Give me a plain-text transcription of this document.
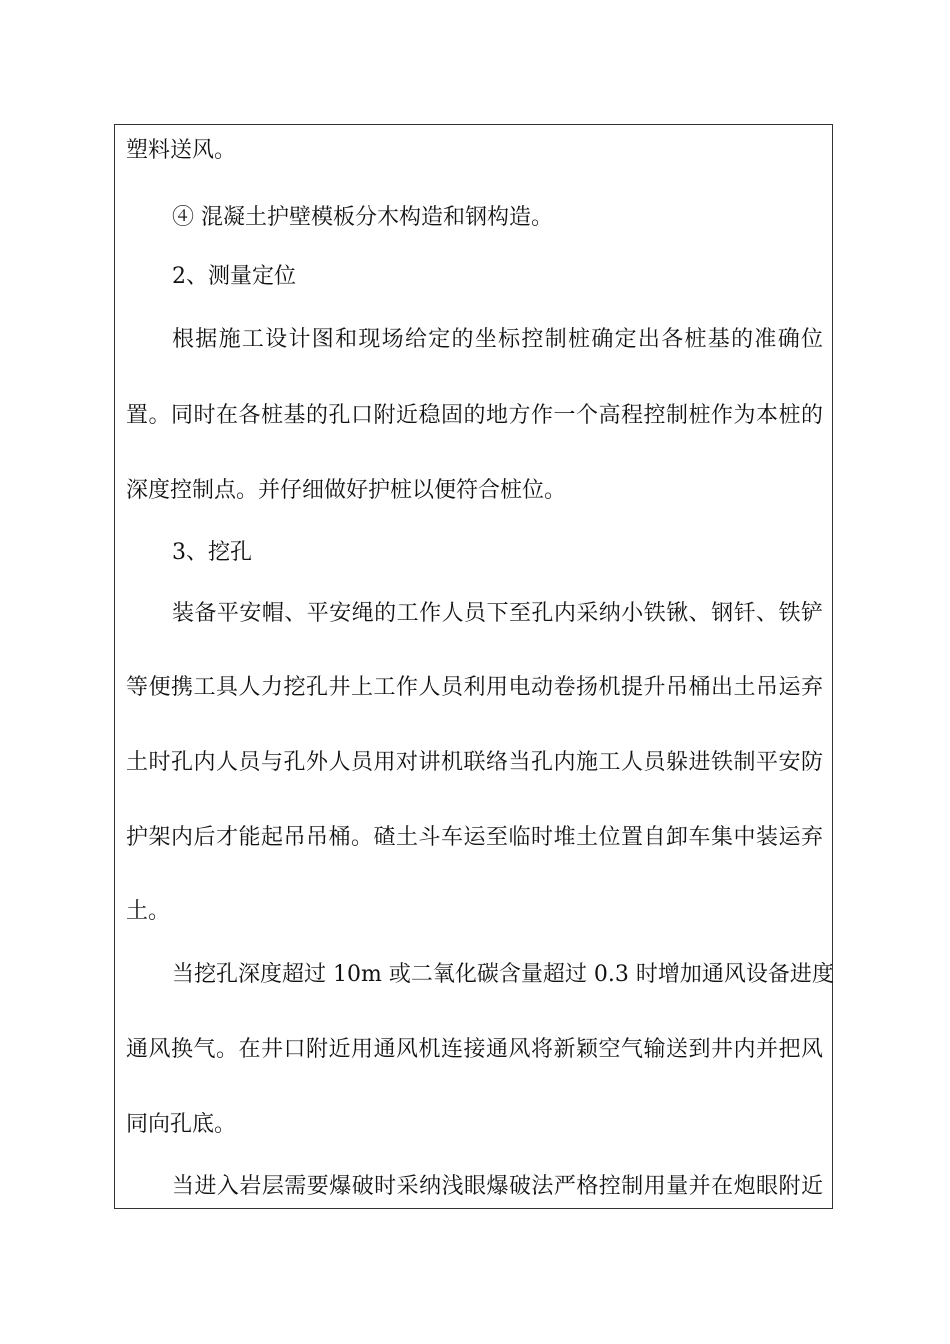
塑料送风。
④ 混凝土护壁模板分木构造和钢构造。
2、测量定位
根据施工设计图和现场给定的坐标控制桩确定出各桩基的准确位
置。同时在各桩基的孔口附近稳固的地方作一个高程控制桩作为本桩的
深度控制点。并仔细做好护桩以便符合桩位。
3、挖孔
装备平安帽、平安绳的工作人员下至孔内采纳小铁锹、钢钎、铁铲
等便携工具人力挖孔井上工作人员利用电动卷扬机提升吊桶出土吊运弃
土时孔内人员与孔外人员用对讲机联络当孔内施工人员躲进铁制平安防
护架内后才能起吊吊桶。碴土斗车运至临时堆土位置自卸车集中装运弃
土。
当挖孔深度超过 10m 或二氧化碳含量超过 0.3 时增加通风设备进度
通风换气。在井口附近用通风机连接通风将新颖空气输送到井内并把风
同向孔底。
当进入岩层需要爆破时采纳浅眼爆破法严格控制用量并在炮眼附近
